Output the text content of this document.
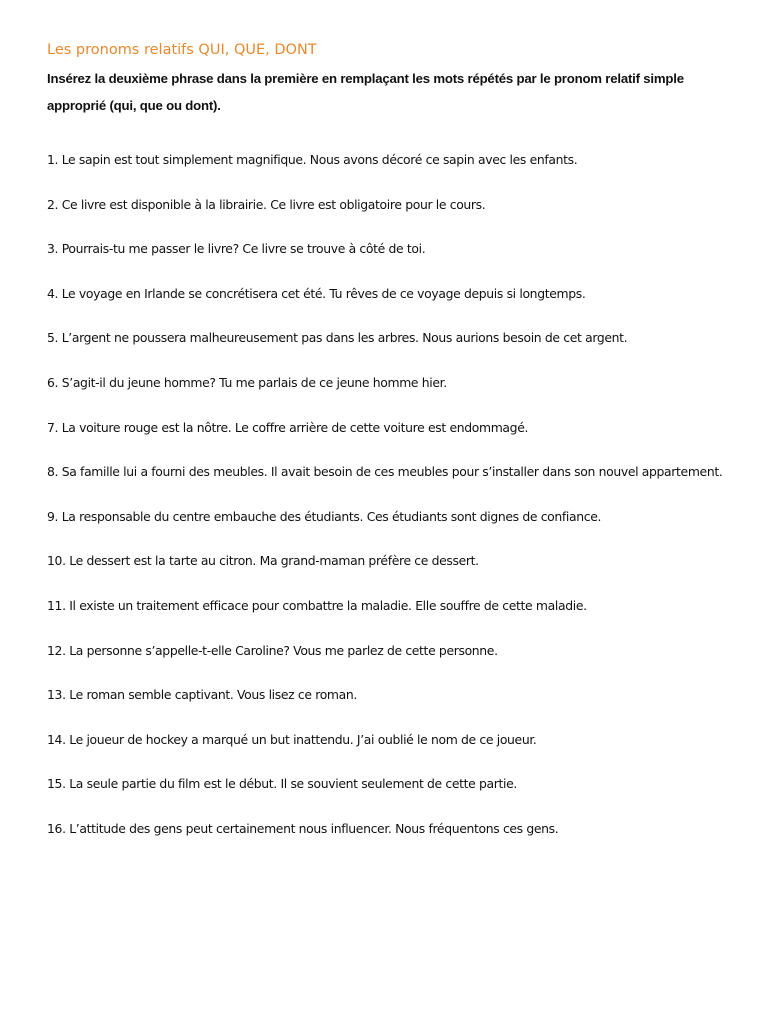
Les pronoms relatifs QUI, QUE, DONT
Insérez la deuxième phrase dans la première en remplaçant les mots répétés par le pronom relatif simple approprié (qui, que ou dont).
1. Le sapin est tout simplement magnifique. Nous avons décoré ce sapin avec les enfants.
2. Ce livre est disponible à la librairie. Ce livre est obligatoire pour le cours.
3. Pourrais-tu me passer le livre? Ce livre se trouve à côté de toi.
4. Le voyage en Irlande se concrétisera cet été. Tu rêves de ce voyage depuis si longtemps.
5. L’argent ne poussera malheureusement pas dans les arbres. Nous aurions besoin de cet argent.
6. S’agit-il du jeune homme? Tu me parlais de ce jeune homme hier.
7. La voiture rouge est la nôtre. Le coffre arrière de cette voiture est endommagé.
8. Sa famille lui a fourni des meubles. Il avait besoin de ces meubles pour s’installer dans son nouvel appartement.
9. La responsable du centre embauche des étudiants. Ces étudiants sont dignes de confiance.
10. Le dessert est la tarte au citron. Ma grand-maman préfère ce dessert.
11. Il existe un traitement efficace pour combattre la maladie. Elle souffre de cette maladie.
12. La personne s’appelle-t-elle Caroline? Vous me parlez de cette personne.
13. Le roman semble captivant. Vous lisez ce roman.
14. Le joueur de hockey a marqué un but inattendu. J’ai oublié le nom de ce joueur.
15. La seule partie du film est le début. Il se souvient seulement de cette partie.
16. L’attitude des gens peut certainement nous influencer. Nous fréquentons ces gens.
